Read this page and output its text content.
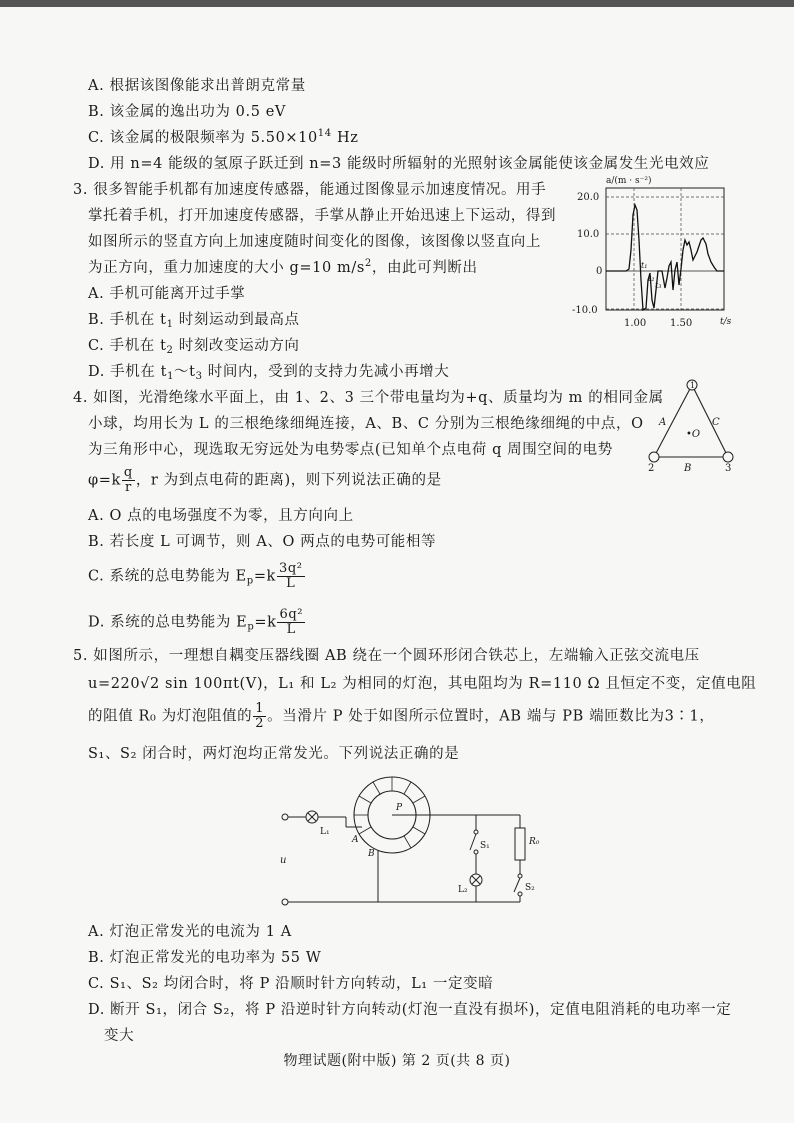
A. 根据该图像能求出普朗克常量
B. 该金属的逸出功为 0.5 eV
C. 该金属的极限频率为 $5.50\times 10^{14}$ Hz
D. 用 n=4 能级的氢原子跃迁到 n=3 能级时所辐射的光照射该金属能使该金属发生光电效应
3. 很多智能手机都有加速度传感器，能通过图像显示加速度情况。用手
掌托着手机，打开加速度传感器，手掌从静止开始迅速上下运动，得到
如图所示的竖直方向上加速度随时间变化的图像，该图像以竖直向上
为正方向，重力加速度的大小 g=10 $m/s^2$，由此可判断出
A. 手机可能离开过手掌
B. 手机在 $t_1$ 时刻运动到最高点
C. 手机在 $t_2$ 时刻改变运动方向
D. 手机在 $t_1\sim t_3$ 时间内，受到的支持力先减小再增大
a/(m · s⁻²)
20.0
10.0
0
-10.0
1.00 1.50	t/s
t₁
t₂
t₃
4. 如图，光滑绝缘水平面上，由 1、2、3 三个带电量均为+q、质量均为 m 的相同金属
小球，均用长为 L 的三根绝缘细绳连接，A、B、C 分别为三根绝缘细绳的中点，O
为三角形中心，现选取无穷远处为电势零点(已知单个点电荷 q 周围空间的电势
$\varphi=k \frac{q}{r}$ ，r 为到点电荷的距离)，则下列说法正确的是
A. O 点的电场强度不为零，且方向向上
B. 若长度 L 可调节，则 A、O 两点的电势可能相等
C. 系统的总电势能为 $E_p=k \frac{\text{3q²}}{L}$
D. 系统的总电势能为 $E_p=k \frac{\text{6q²}}{L}$
1
2	3
A	C
B
•O
5. 如图所示，一理想自耦变压器线圈 AB 绕在一个圆环形闭合铁芯上，左端输入正弦交流电压
u=220√2 sin 100πt(V)，L₁ 和 L₂ 为相同的灯泡，其电阻均为 R=110 Ω 且恒定不变，定值电阻
的阻值 R₀ 为灯泡阻值的 $\frac{1}{2}$ 。当滑片 P 处于如图所示位置时，AB 端与 PB 端匝数比为3∶1，
S₁、S₂ 闭合时，两灯泡均正常发光。下列说法正确的是
u
L₁
A
P
B
S₁
L₂
R₀
S₂
A. 灯泡正常发光的电流为 1 A
B. 灯泡正常发光的电功率为 55 W
C. S₁、S₂ 均闭合时，将 P 沿顺时针方向转动，L₁ 一定变暗
D. 断开 S₁，闭合 S₂，将 P 沿逆时针方向转动(灯泡一直没有损坏)，定值电阻消耗的电功率一定
变大
物理试题(附中版) 第 2 页(共 8 页)
